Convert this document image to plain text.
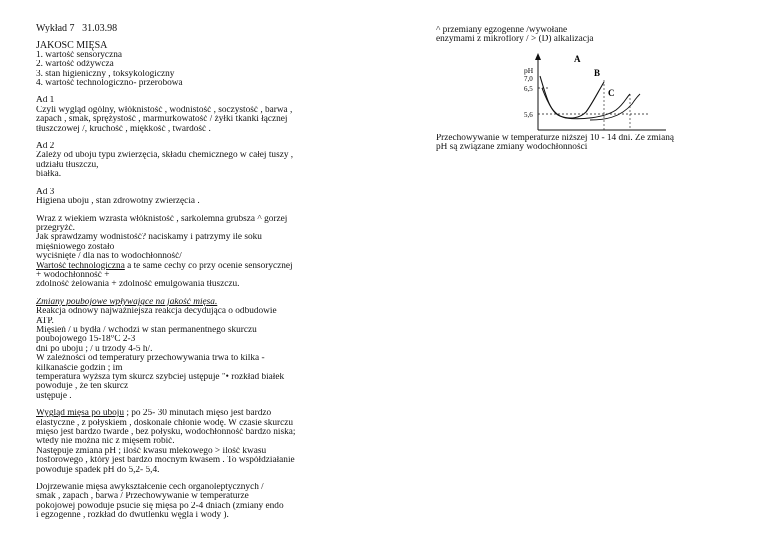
Wykład 7 31.03.98
JAKOŚĆ MIĘSA
1. wartość sensoryczna
2. wartość odżywcza
3. stan higieniczny , toksykologiczny
4. wartość technologiczno- przerobowa
Ad 1
Czyli wygląd ogólny, włóknistość , wodnistość , soczystość , barwa ,
zapach , smak, sprężystość , marmurkowatość / żyłki tkanki łącznej
tłuszczowej /, kruchość , miękkość , twardość .
Ad 2
Zależy od uboju typu zwierzęcia, składu chemicznego w całej tuszy ,
udziału tłuszczu,
białka.
Ad 3
Higiena uboju , stan zdrowotny zwierzęcia .
Wraz z wiekiem wzrasta włóknistość , sarkolemna grubsza ^ gorzej
przegryźć.
Jak sprawdzamy wodnistość? naciskamy i patrzymy ile soku
mięśniowego zostało
wyciśnięte / dla nas to wodochłonność/
Wartość technologiczna a te same cechy co przy ocenie sensorycznej
+ wodochłonność +
zdolność żelowania + zdolność emulgowania tłuszczu.
Zmiany poubojowe wpływające na jakość mięsa.
Reakcja odnowy najważniejsza reakcja decydująca o odbudowie
ATP.
Mięsień / u bydła / wchodzi w stan permanentnego skurczu
poubojowego 15-18°C 2-3
dni po uboju ; / u trzody 4-5 h/.
W zależności od temperatury przechowywania trwa to kilka -
kilkanaście godzin ; im
temperatura wyższa tym skurcz szybciej ustępuje "• rozkład białek
powoduje , że ten skurcz
ustępuje .
Wygląd mięsa po uboju ; po 25- 30 minutach mięso jest bardzo
elastyczne , z połyskiem , doskonale chłonie wodę. W czasie skurczu
mięso jest bardzo twarde , bez połysku, wodochłonność bardzo niska;
wtedy nie można nic z mięsem robić.
Następuje zmiana pH ; ilość kwasu mlekowego > ilość kwasu
fosforowego , który jest bardzo mocnym kwasem . To współdziałanie
powoduje spadek pH do 5,2- 5,4.
Dojrzewanie mięsa awykształcenie cech organoleptycznych /
smak , zapach , barwa / Przechowywanie w temperaturze
pokojowej powoduje psucie się mięsa po 2-4 dniach (zmiany endo
i egzogenne , rozkład do dwutlenku węgla i wody ).
^ przemiany egzogenne /wywołane
enzymami z mikroflory / > (D) alkalizacja
pH
7,0
6,5
5,6
A
B
C
Przechowywanie w temperaturze niższej 10 - 14 dni. Ze zmianą
pH są związane zmiany wodochłonności
